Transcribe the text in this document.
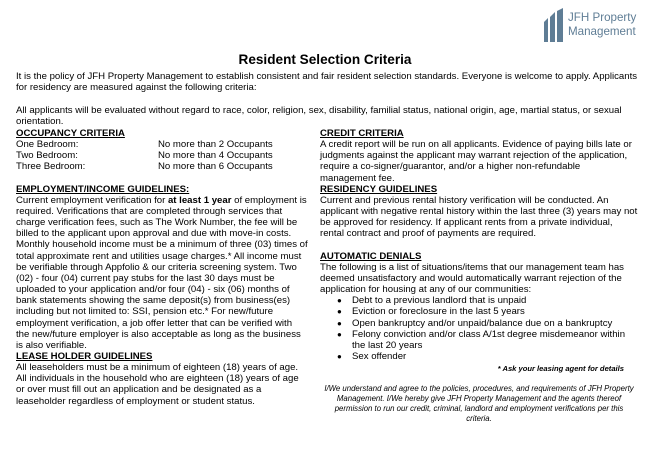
JFH Property
Management
Resident Selection Criteria
It is the policy of JFH Property Management to establish consistent and fair resident selection standards. Everyone is welcome to apply. Applicants for residency are measured against the following criteria:
All applicants will be evaluated without regard to race, color, religion, sex, disability, familial status, national origin, age, martial status, or sexual orientation.
OCCUPANCY CRITERIA
One Bedroom:	No more than 2 Occupants
Two Bedroom:	No more than 4 Occupants
Three Bedroom:	No more than 6 Occupants
EMPLOYMENT/INCOME GUIDELINES:
Current employment verification for at least 1 year of employment is required. Verifications that are completed through services that charge verification fees, such as The Work Number, the fee will be billed to the applicant upon approval and due with move-in costs. Monthly household income must be a minimum of three (03) times of total approximate rent and utilities usage charges.* All income must be verifiable through Appfolio & our criteria screening system. Two (02) - four (04) current pay stubs for the last 30 days must be uploaded to your application and/or four (04) - six (06) months of bank statements showing the same deposit(s) from business(es) including but not limited to: SSI, pension etc.* For new/future employment verification, a job offer letter that can be verified with the new/future employer is also acceptable as long as the business is also verifiable.
LEASE HOLDER GUIDELINES
All leaseholders must be a minimum of eighteen (18) years of age. All individuals in the household who are eighteen (18) years of age or over must fill out an application and be designated as a leaseholder regardless of employment or student status.
CREDIT CRITERIA
A credit report will be run on all applicants. Evidence of paying bills late or judgments against the applicant may warrant rejection of the application, require a co-signer/guarantor, and/or a higher non-refundable management fee.
RESIDENCY GUIDELINES
Current and previous rental history verification will be conducted. An applicant with negative rental history within the last three (3) years may not be approved for residency. If applicant rents from a private individual, rental contract and proof of payments are required.
AUTOMATIC DENIALS
The following is a list of situations/items that our management team has deemed unsatisfactory and would automatically warrant rejection of the application for housing at any of our communities:
● Debt to a previous landlord that is unpaid
● Eviction or foreclosure in the last 5 years
● Open bankruptcy and/or unpaid/balance due on a bankruptcy
● Felony conviction and/or class A/1st degree misdemeanor within the last 20 years
● Sex offender
* Ask your leasing agent for details
I/We understand and agree to the policies, procedures, and requirements of JFH Property Management. I/We hereby give JFH Property Management and the agents thereof permission to run our credit, criminal, landlord and employment verifications per this criteria.
